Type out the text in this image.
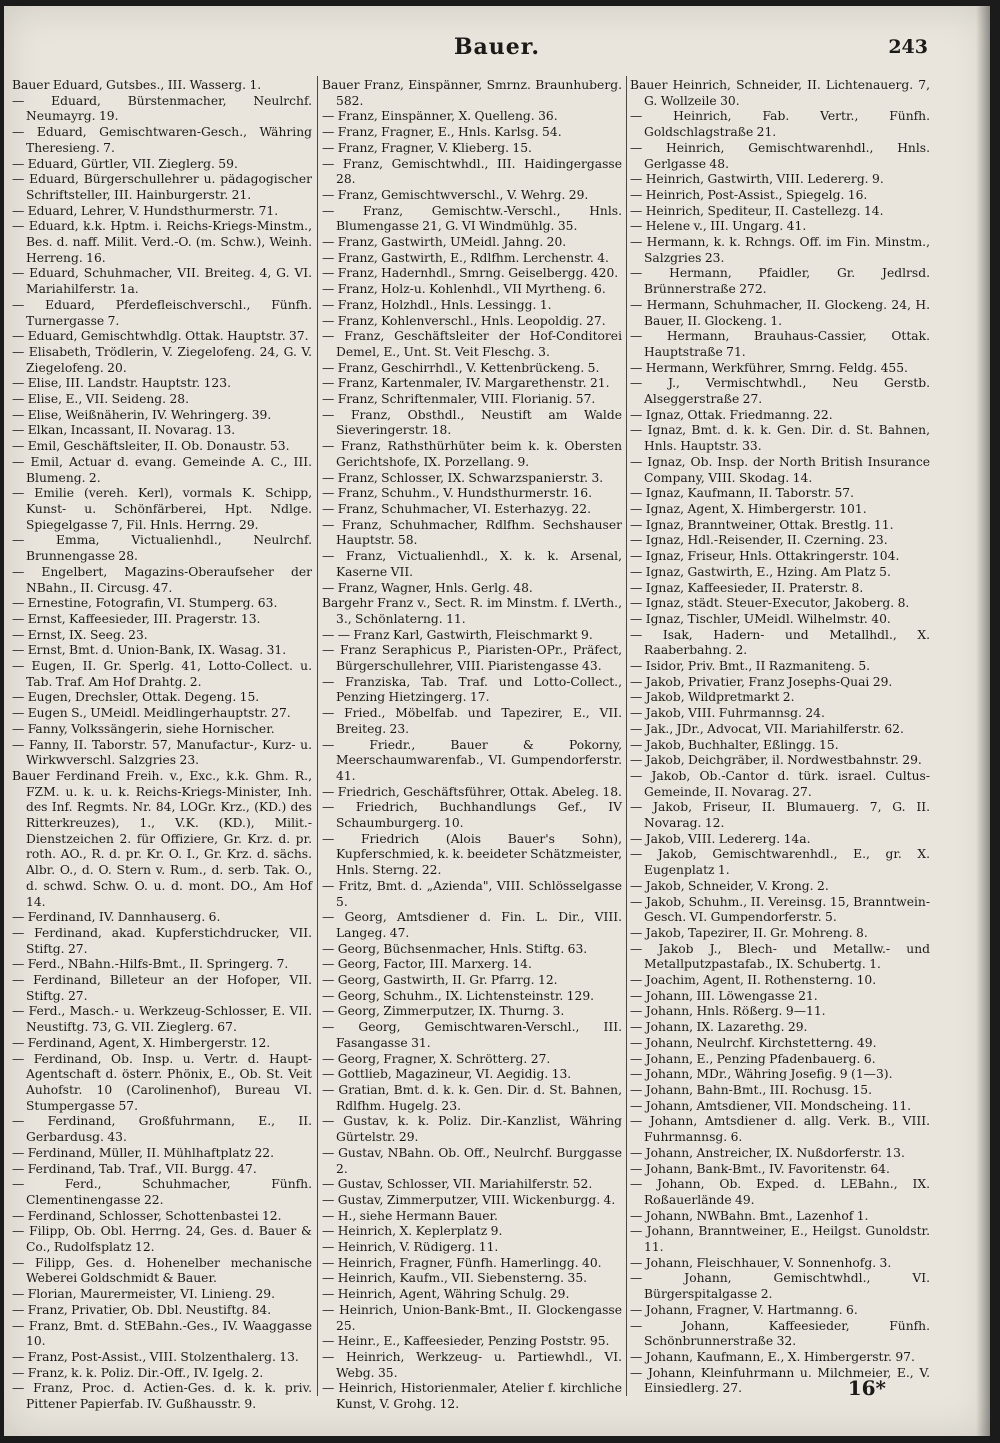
Bauer.	243
Bauer Eduard, Gutsbes., III. Wasserg. 1.
— Eduard, Bürstenmacher, Neulrchf. Neumayrg. 19.
— Eduard, Gemischtwaren-Gesch., Währing Theresieng. 7.
— Eduard, Gürtler, VII. Zieglerg. 59.
— Eduard, Bürgerschullehrer u. pädagogischer Schriftsteller, III. Hainburgerstr. 21.
— Eduard, Lehrer, V. Hundsthurmerstr. 71.
— Eduard, k.k. Hptm. i. Reichs-Kriegs-Minstm., Bes. d. naff. Milit. Verd.-O. (m. Schw.), Weinh. Herreng. 16.
— Eduard, Schuhmacher, VII. Breiteg. 4, G. VI. Mariahilferstr. 1a.
— Eduard, Pferdefleischverschl., Fünfh. Turnergasse 7.
— Eduard, Gemischtwhdlg. Ottak. Hauptstr. 37.
— Elisabeth, Trödlerin, V. Ziegelofeng. 24, G. V. Ziegelofeng. 20.
— Elise, III. Landstr. Hauptstr. 123.
— Elise, E., VII. Seideng. 28.
— Elise, Weißnäherin, IV. Wehringerg. 39.
— Elkan, Incassant, II. Novarag. 13.
— Emil, Geschäftsleiter, II. Ob. Donaustr. 53.
— Emil, Actuar d. evang. Gemeinde A. C., III. Blumeng. 2.
— Emilie (vereh. Kerl), vormals K. Schipp, Kunst- u. Schönfärberei, Hpt. Ndlge. Spiegelgasse 7, Fil. Hnls. Herrng. 29.
— Emma, Victualienhdl., Neulrchf. Brunnengasse 28.
— Engelbert, Magazins-Oberaufseher der NBahn., II. Circusg. 47.
— Ernestine, Fotografin, VI. Stumperg. 63.
— Ernst, Kaffeesieder, III. Pragerstr. 13.
— Ernst, IX. Seeg. 23.
— Ernst, Bmt. d. Union-Bank, IX. Wasag. 31.
— Eugen, II. Gr. Sperlg. 41, Lotto-Collect. u. Tab. Traf. Am Hof Drahtg. 2.
— Eugen, Drechsler, Ottak. Degeng. 15.
— Eugen S., UMeidl. Meidlingerhauptstr. 27.
— Fanny, Volkssängerin, siehe Hornischer.
— Fanny, II. Taborstr. 57, Manufactur-, Kurz- u. Wirkwverschl. Salzgries 23.
Bauer Ferdinand Freih. v., Exc., k.k. Ghm. R., FZM. u. k. u. k. Reichs-Kriegs-Minister, Inh. des Inf. Regmts. Nr. 84, LOGr. Krz., (KD.) des Ritterkreuzes), 1., V.K. (KD.), Milit.-Dienstzeichen 2. für Offiziere, Gr. Krz. d. pr. roth. AO., R. d. pr. Kr. O. I., Gr. Krz. d. sächs. Albr. O., d. O. Stern v. Rum., d. serb. Tak. O., d. schwd. Schw. O. u. d. mont. DO., Am Hof 14.
— Ferdinand, IV. Dannhauserg. 6.
— Ferdinand, akad. Kupferstichdrucker, VII. Stiftg. 27.
— Ferd., NBahn.-Hilfs-Bmt., II. Springerg. 7.
— Ferdinand, Billeteur an der Hofoper, VII. Stiftg. 27.
— Ferd., Masch.- u. Werkzeug-Schlosser, E. VII. Neustiftg. 73, G. VII. Zieglerg. 67.
— Ferdinand, Agent, X. Himbergerstr. 12.
— Ferdinand, Ob. Insp. u. Vertr. d. Haupt-Agentschaft d. österr. Phönix, E., Ob. St. Veit Auhofstr. 10 (Carolinenhof), Bureau VI. Stumpergasse 57.
— Ferdinand, Großfuhrmann, E., II. Gerbardusg. 43.
— Ferdinand, Müller, II. Mühlhaftplatz 22.
— Ferdinand, Tab. Traf., VII. Burgg. 47.
— Ferd., Schuhmacher, Fünfh. Clementinengasse 22.
— Ferdinand, Schlosser, Schottenbastei 12.
— Filipp, Ob. Obl. Herrng. 24, Ges. d. Bauer & Co., Rudolfsplatz 12.
— Filipp, Ges. d. Hohenelber mechanische Weberei Goldschmidt & Bauer.
— Florian, Maurermeister, VI. Linieng. 29.
— Franz, Privatier, Ob. Dbl. Neustiftg. 84.
— Franz, Bmt. d. StEBahn.-Ges., IV. Waaggasse 10.
— Franz, Post-Assist., VIII. Stolzenthalerg. 13.
— Franz, k. k. Poliz. Dir.-Off., IV. Igelg. 2.
— Franz, Proc. d. Actien-Ges. d. k. k. priv. Pittener Papierfab. IV. Gußhausstr. 9.
Bauer Franz, Einspänner, Smrnz. Braunhuberg. 582.
— Franz, Einspänner, X. Quelleng. 36.
— Franz, Fragner, E., Hnls. Karlsg. 54.
— Franz, Fragner, V. Klieberg. 15.
— Franz, Gemischtwhdl., III. Haidingergasse 28.
— Franz, Gemischtwverschl., V. Wehrg. 29.
— Franz, Gemischtw.-Verschl., Hnls. Blumengasse 21, G. VI Windmühlg. 35.
— Franz, Gastwirth, UMeidl. Jahng. 20.
— Franz, Gastwirth, E., Rdlfhm. Lerchenstr. 4.
— Franz, Hadernhdl., Smrng. Geiselbergg. 420.
— Franz, Holz-u. Kohlenhdl., VII Myrtheng. 6.
— Franz, Holzhdl., Hnls. Lessingg. 1.
— Franz, Kohlenverschl., Hnls. Leopoldig. 27.
— Franz, Geschäftsleiter der Hof-Conditorei Demel, E., Unt. St. Veit Fleschg. 3.
— Franz, Geschirrhdl., V. Kettenbrückeng. 5.
— Franz, Kartenmaler, IV. Margarethenstr. 21.
— Franz, Schriftenmaler, VIII. Florianig. 57.
— Franz, Obsthdl., Neustift am Walde Sieveringerstr. 18.
— Franz, Rathsthürhüter beim k. k. Obersten Gerichtshofe, IX. Porzellang. 9.
— Franz, Schlosser, IX. Schwarzspanierstr. 3.
— Franz, Schuhm., V. Hundsthurmerstr. 16.
— Franz, Schuhmacher, VI. Esterhazyg. 22.
— Franz, Schuhmacher, Rdlfhm. Sechshauser Hauptstr. 58.
— Franz, Victualienhdl., X. k. k. Arsenal, Kaserne VII.
— Franz, Wagner, Hnls. Gerlg. 48.
Bargehr Franz v., Sect. R. im Minstm. f. LVerth., 3., Schönlaterng. 11.
— — Franz Karl, Gastwirth, Fleischmarkt 9.
— Franz Seraphicus P., Piaristen-OPr., Präfect, Bürgerschullehrer, VIII. Piaristengasse 43.
— Franziska, Tab. Traf. und Lotto-Collect., Penzing Hietzingerg. 17.
— Fried., Möbelfab. und Tapezirer, E., VII. Breiteg. 23.
— Friedr., Bauer & Pokorny, Meerschaumwarenfab., VI. Gumpendorferstr. 41.
— Friedrich, Geschäftsführer, Ottak. Abeleg. 18.
— Friedrich, Buchhandlungs Gef., IV Schaumburgerg. 10.
— Friedrich (Alois Bauer's Sohn), Kupferschmied, k. k. beeideter Schätzmeister, Hnls. Sterng. 22.
— Fritz, Bmt. d. „Azienda", VIII. Schlösselgasse 5.
— Georg, Amtsdiener d. Fin. L. Dir., VIII. Langeg. 47.
— Georg, Büchsenmacher, Hnls. Stiftg. 63.
— Georg, Factor, III. Marxerg. 14.
— Georg, Gastwirth, II. Gr. Pfarrg. 12.
— Georg, Schuhm., IX. Lichtensteinstr. 129.
— Georg, Zimmerputzer, IX. Thurng. 3.
— Georg, Gemischtwaren-Verschl., III. Fasangasse 31.
— Georg, Fragner, X. Schrötterg. 27.
— Gottlieb, Magazineur, VI. Aegidig. 13.
— Gratian, Bmt. d. k. k. Gen. Dir. d. St. Bahnen, Rdlfhm. Hugelg. 23.
— Gustav, k. k. Poliz. Dir.-Kanzlist, Währing Gürtelstr. 29.
— Gustav, NBahn. Ob. Off., Neulrchf. Burggasse 2.
— Gustav, Schlosser, VII. Mariahilferstr. 52.
— Gustav, Zimmerputzer, VIII. Wickenburgg. 4.
— H., siehe Hermann Bauer.
— Heinrich, X. Keplerplatz 9.
— Heinrich, V. Rüdigerg. 11.
— Heinrich, Fragner, Fünfh. Hamerlingg. 40.
— Heinrich, Kaufm., VII. Siebensterng. 35.
— Heinrich, Agent, Währing Schulg. 29.
— Heinrich, Union-Bank-Bmt., II. Glockengasse 25.
— Heinr., E., Kaffeesieder, Penzing Poststr. 95.
— Heinrich, Werkzeug- u. Partiewhdl., VI. Webg. 35.
— Heinrich, Historienmaler, Atelier f. kirchliche Kunst, V. Grohg. 12.
Bauer Heinrich, Schneider, II. Lichtenauerg. 7, G. Wollzeile 30.
— Heinrich, Fab. Vertr., Fünfh. Goldschlagstraße 21.
— Heinrich, Gemischtwarenhdl., Hnls. Gerlgasse 48.
— Heinrich, Gastwirth, VIII. Ledererg. 9.
— Heinrich, Post-Assist., Spiegelg. 16.
— Heinrich, Spediteur, II. Castellezg. 14.
— Helene v., III. Ungarg. 41.
— Hermann, k. k. Rchngs. Off. im Fin. Minstm., Salzgries 23.
— Hermann, Pfaidler, Gr. Jedlrsd. Brünnerstraße 272.
— Hermann, Schuhmacher, II. Glockeng. 24, H. Bauer, II. Glockeng. 1.
— Hermann, Brauhaus-Cassier, Ottak. Hauptstraße 71.
— Hermann, Werkführer, Smrng. Feldg. 455.
— J., Vermischtwhdl., Neu Gerstb. Alseggerstraße 27.
— Ignaz, Ottak. Friedmanng. 22.
— Ignaz, Bmt. d. k. k. Gen. Dir. d. St. Bahnen, Hnls. Hauptstr. 33.
— Ignaz, Ob. Insp. der North British Insurance Company, VIII. Skodag. 14.
— Ignaz, Kaufmann, II. Taborstr. 57.
— Ignaz, Agent, X. Himbergerstr. 101.
— Ignaz, Branntweiner, Ottak. Brestlg. 11.
— Ignaz, Hdl.-Reisender, II. Czerning. 23.
— Ignaz, Friseur, Hnls. Ottakringerstr. 104.
— Ignaz, Gastwirth, E., Hzing. Am Platz 5.
— Ignaz, Kaffeesieder, II. Praterstr. 8.
— Ignaz, städt. Steuer-Executor, Jakoberg. 8.
— Ignaz, Tischler, UMeidl. Wilhelmstr. 40.
— Isak, Hadern- und Metallhdl., X. Raaberbahng. 2.
— Isidor, Priv. Bmt., II Razmaniteng. 5.
— Jakob, Privatier, Franz Josephs-Quai 29.
— Jakob, Wildpretmarkt 2.
— Jakob, VIII. Fuhrmannsg. 24.
— Jak., JDr., Advocat, VII. Mariahilferstr. 62.
— Jakob, Buchhalter, Eßlingg. 15.
— Jakob, Deichgräber, il. Nordwestbahnstr. 29.
— Jakob, Ob.-Cantor d. türk. israel. Cultus-Gemeinde, II. Novarag. 27.
— Jakob, Friseur, II. Blumauerg. 7, G. II. Novarag. 12.
— Jakob, VIII. Ledererg. 14a.
— Jakob, Gemischtwarenhdl., E., gr. X. Eugenplatz 1.
— Jakob, Schneider, V. Krong. 2.
— Jakob, Schuhm., II. Vereinsg. 15, Branntwein-Gesch. VI. Gumpendorferstr. 5.
— Jakob, Tapezirer, II. Gr. Mohreng. 8.
— Jakob J., Blech- und Metallw.- und Metallputzpastafab., IX. Schubertg. 1.
— Joachim, Agent, II. Rothensterng. 10.
— Johann, III. Löwengasse 21.
— Johann, Hnls. Rößerg. 9—11.
— Johann, IX. Lazarethg. 29.
— Johann, Neulrchf. Kirchstetterng. 49.
— Johann, E., Penzing Pfadenbauerg. 6.
— Johann, MDr., Währing Josefig. 9 (1—3).
— Johann, Bahn-Bmt., III. Rochusg. 15.
— Johann, Amtsdiener, VII. Mondscheing. 11.
— Johann, Amtsdiener d. allg. Verk. B., VIII. Fuhrmannsg. 6.
— Johann, Anstreicher, IX. Nußdorferstr. 13.
— Johann, Bank-Bmt., IV. Favoritenstr. 64.
— Johann, Ob. Exped. d. LEBahn., IX. Roßauerlände 49.
— Johann, NWBahn. Bmt., Lazenhof 1.
— Johann, Branntweiner, E., Heilgst. Gunoldstr. 11.
— Johann, Fleischhauer, V. Sonnenhofg. 3.
— Johann, Gemischtwhdl., VI. Bürgerspitalgasse 2.
— Johann, Fragner, V. Hartmanng. 6.
— Johann, Kaffeesieder, Fünfh. Schönbrunnerstraße 32.
— Johann, Kaufmann, E., X. Himbergerstr. 97.
— Johann, Kleinfuhrmann u. Milchmeier, E., V. Einsiedlerg. 27.	16*
